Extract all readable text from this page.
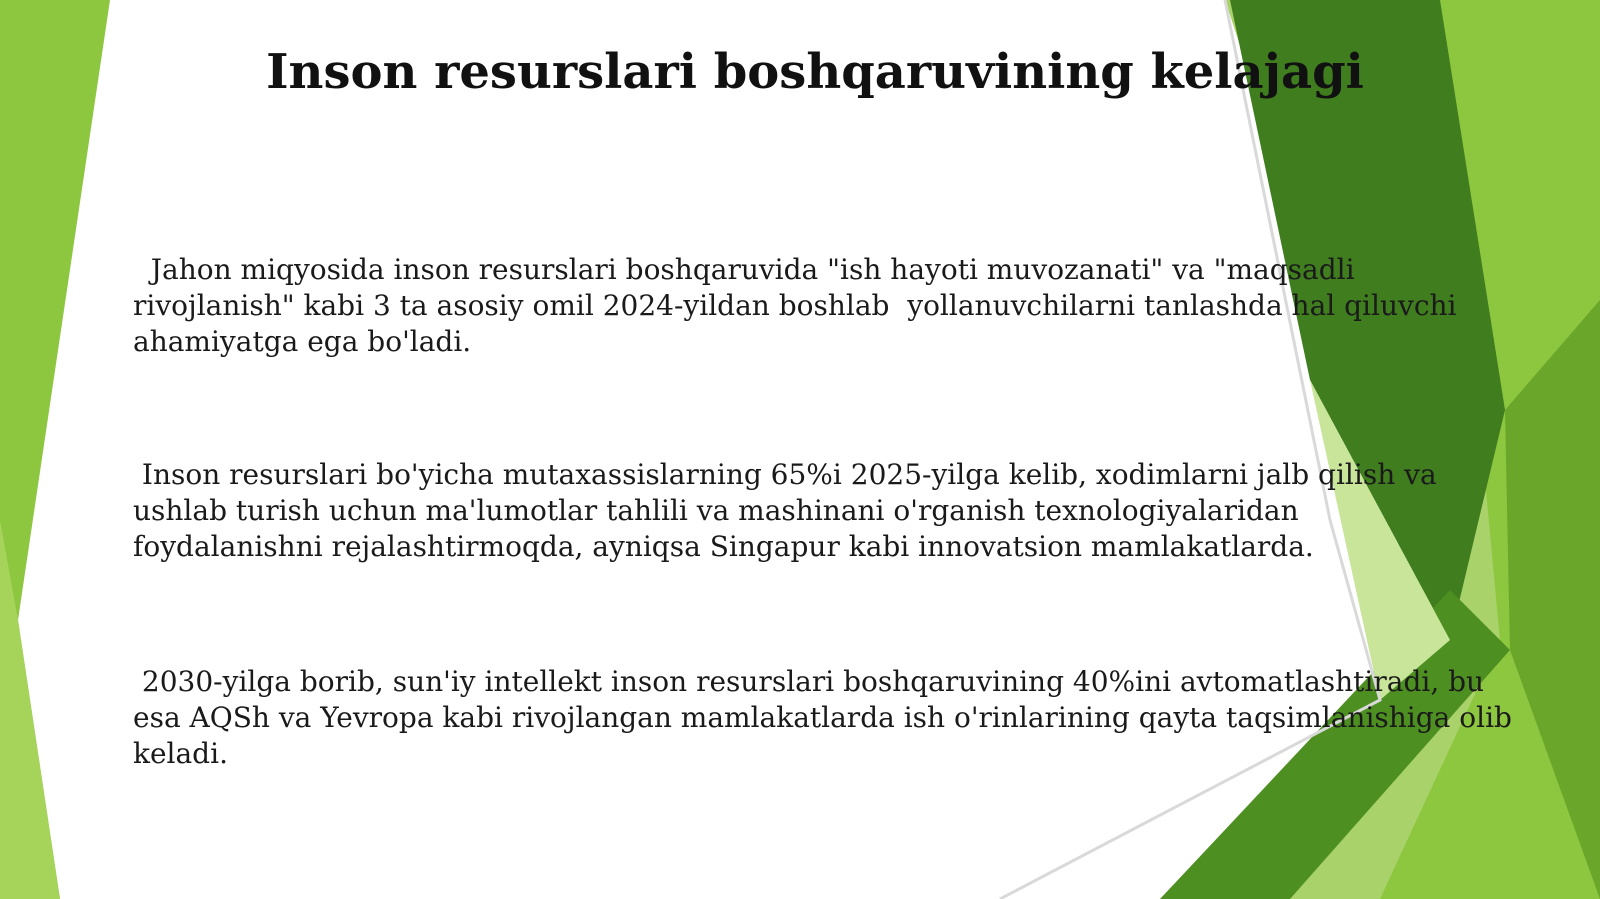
Inson resurslari boshqaruvining kelajagi

Jahon miqyosida inson resurslari boshqaruvida "ish hayoti muvozanati" va "maqsadli
rivojlanish" kabi 3 ta asosiy omil 2024-yildan boshlab  yollanuvchilarni tanlashda hal qiluvchi
ahamiyatga ega bo'ladi.

Inson resurslari bo'yicha mutaxassislarning 65%i 2025-yilga kelib, xodimlarni jalb qilish va
ushlab turish uchun ma'lumotlar tahlili va mashinani o'rganish texnologiyalaridan
foydalanishni rejalashtirmoqda, ayniqsa Singapur kabi innovatsion mamlakatlarda.

2030-yilga borib, sun'iy intellekt inson resurslari boshqaruvining 40%ini avtomatlashtiradi, bu
esa AQSh va Yevropa kabi rivojlangan mamlakatlarda ish o'rinlarining qayta taqsimlanishiga olib
keladi.
